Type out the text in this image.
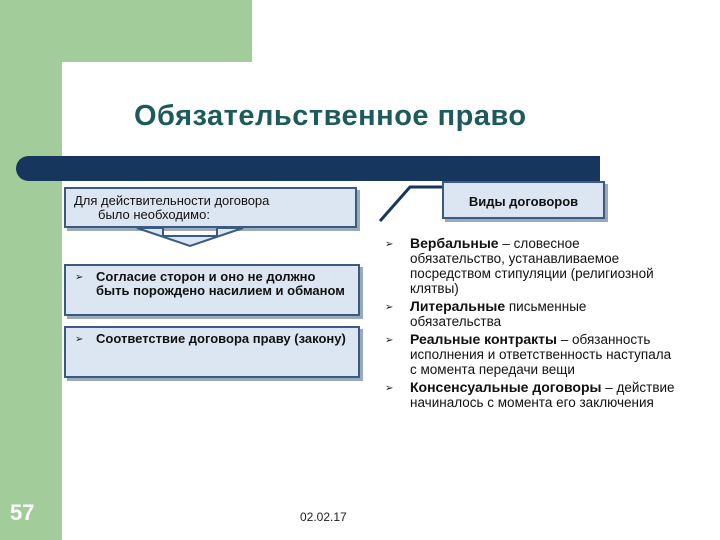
57
Обязательственное право
Для действительности договора
было необходимо:
➢ Согласие сторон и оно не должно быть порождено насилием и обманом
➢ Соответствие договора праву (закону)
Виды договоров
➢ Вербальные – словесное обязательство, устанавливаемое посредством стипуляции (религиозной клятвы)
➢ Литеральные письменные обязательства
➢ Реальные контракты – обязанность исполнения и ответственность наступала с момента передачи вещи
➢ Консенсуальные договоры – действие начиналось с момента его заключения
02.02.17
